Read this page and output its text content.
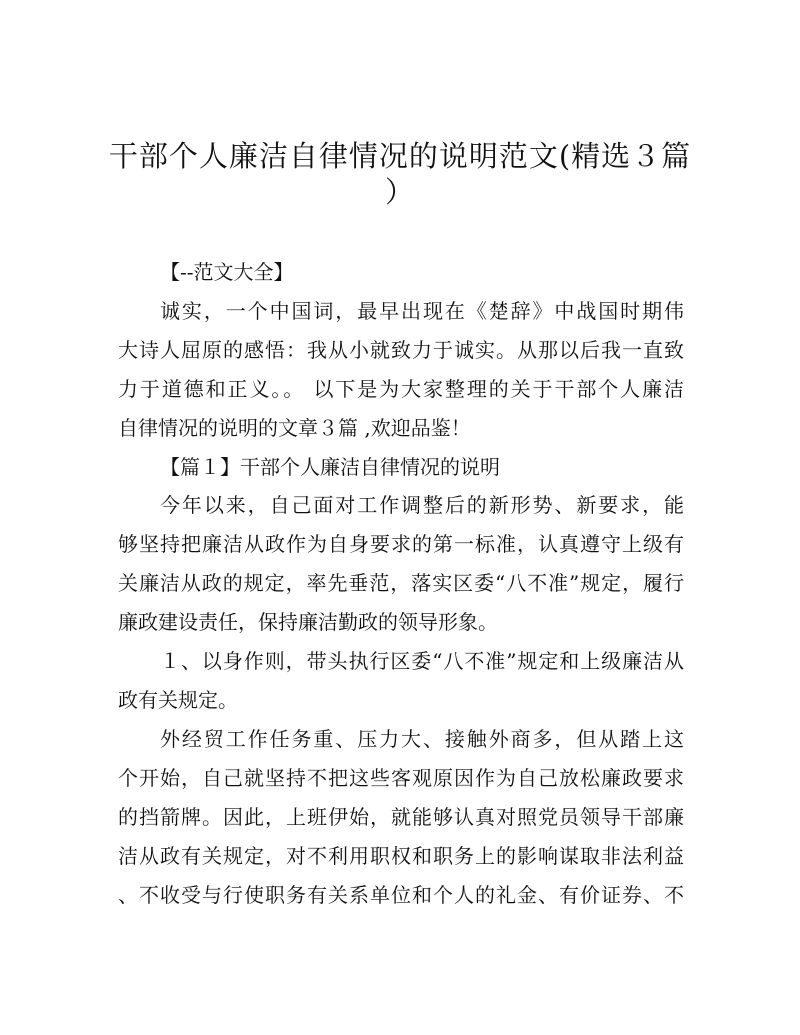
干部个人廉洁自律情况的说明范文(精选３篇
）
【--范文大全】
诚实，一个中国词，最早出现在《楚辞》中战国时期伟
大诗人屈原的感悟：我从小就致力于诚实。从那以后我一直致
力于道德和正义。。 以下是为大家整理的关于干部个人廉洁
自律情况的说明的文章３篇 ,欢迎品鉴！
【篇１】干部个人廉洁自律情况的说明
今年以来，自己面对工作调整后的新形势、新要求，能
够坚持把廉洁从政作为自身要求的第一标准，认真遵守上级有
关廉洁从政的规定，率先垂范，落实区委“八不准”规定，履行
廉政建设责任，保持廉洁勤政的领导形象。
１、以身作则，带头执行区委“八不准”规定和上级廉洁从
政有关规定。
外经贸工作任务重、压力大、接触外商多，但从踏上这
个开始，自己就坚持不把这些客观原因作为自己放松廉政要求
的挡箭牌。因此，上班伊始，就能够认真对照党员领导干部廉
洁从政有关规定，对不利用职权和职务上的影响谋取非法利益
、不收受与行使职务有关系单位和个人的礼金、有价证券、不
